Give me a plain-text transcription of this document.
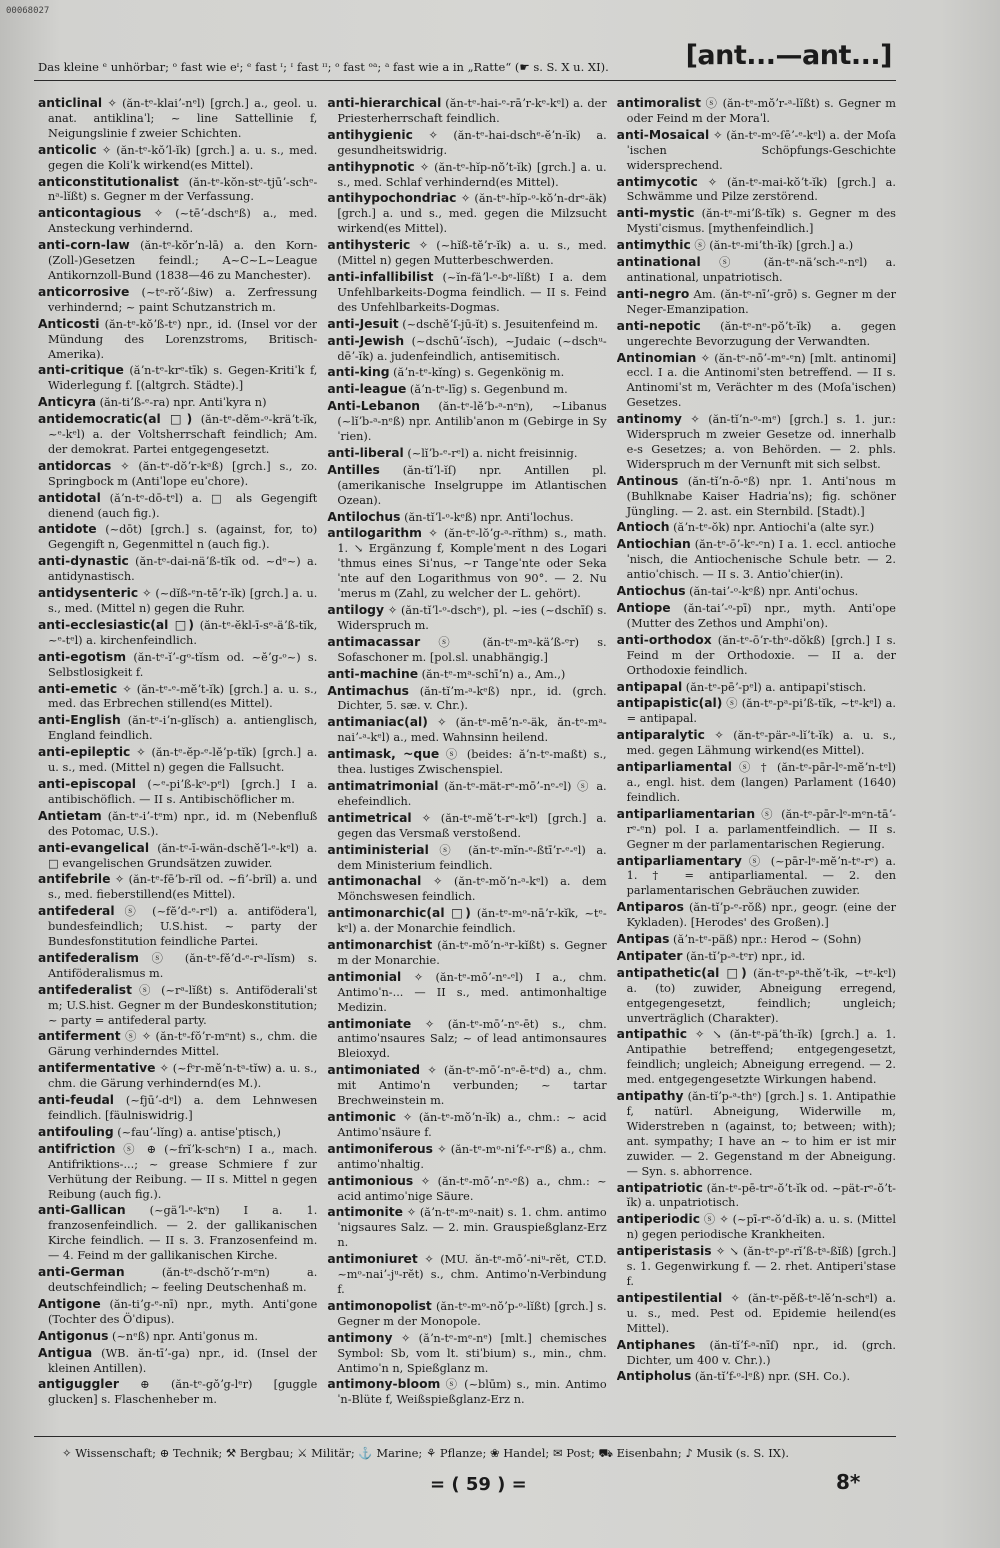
00068027
Das kleine ᵉ unhörbar; ᵒ fast wie eᶦ; ᵉ fast ᶦ; ᶦ fast ᶦᶦ; ᵒ fast ᵒᵃ; ᵃ fast wie a in „Ratte“ (☛ s. S. X u. XI).	[ant...—ant...]

anticlinal ✧ (ăn-tᵉ-klaiʼ-nᵉl) [grch.] a., geol. u. anat. antiklinaˈl; ~ line Sattellinie f, Neigungslinie f zweier Schichten.

anticolic ✧ (ăn-tᵉ-kŏʼl-ĭk) [grch.] a. u. s., med. gegen die Koliˈk wirkend(es Mittel).

anticonstitutionalist (ăn-tᵉ-kŏn-stᵉ-tjūʼ-schᵉ-nᵃ-lĭßt) s. Gegner m der Verfassung.

anticontagious ✧ (~tēʼ-dschᵉß) a., med. Ansteckung verhindernd.

anti-corn-law (ăn-tᵉ-kŏrʼn-lā) a. den Korn-(Zoll-)Gesetzen feindl.; A~C~L~League Antikornzoll-Bund (1838—46 zu Manchester).

anticorrosive (~tᵉ-rŏʼ-ßiw) a. Zerfressung verhindernd; ~ paint Schutzanstrich m.

Anticosti (ăn-tᵉ-kŏʼß-tᵉ) npr., id. (Insel vor der Mündung des Lorenzstroms, Britisch-Amerika).

anti-critique (ăʼn-tᵉ-krᵉ-tīk) s. Gegen-Kritiˈk f, Widerlegung f. [(altgrch. Städte).]

Anticyra (ăn-tiʼß-ᵉ-ra) npr. Antiˈkyra n)

antidemocratic(al □) (ăn-tᵉ-dĕm-ᵒ-kräʼt-ĭk, ~ᵉ-kᵉl) a. der Voltsherrschaft feindlich; Am. der demokrat. Partei entgegengesetzt.

antidorcas ✧ (ăn-tᵉ-dŏʼr-kᵃß) [grch.] s., zo. Springbock m (Antiˈlope euˈchore).

antidotal (ăʼn-tᵉ-dō-tᵉl) a. □ als Gegengift dienend (auch fig.).

antidote (~dōt) [grch.] s. (against, for, to) Gegengift n, Gegenmittel n (auch fig.).

anti-dynastic (ăn-tᵉ-dai-näʼß-tĭk od. ~dᵉ~) a. antidynastisch.

antidysenteric ✧ (~dĭß-ᵉn-tēʼr-ĭk) [grch.] a. u. s., med. (Mittel n) gegen die Ruhr.

anti-ecclesiastic(al □) (ăn-tᵉ-ĕkl-ī-sᵉ-äʼß-tĭk, ~ᵉ-tᵉl) a. kirchenfeindlich.

anti-egotism (ăn-tᵉ-ĭʼ-gᵒ-tĭsm od. ~ĕʼg-ᵒ~) s. Selbstlosigkeit f.

anti-emetic ✧ (ăn-tᵉ-ᵉ-mĕʼt-ĭk) [grch.] a. u. s., med. das Erbrechen stillend(es Mittel).

anti-English (ăn-tᵉ-iʼn-glĭsch) a. antienglisch, England feindlich.

anti-epileptic ✧ (ăn-tᵉ-ĕp-ᵉ-lĕʼp-tĭk) [grch.] a. u. s., med. (Mittel n) gegen die Fallsucht.

anti-episcopal (~ᵉ-piʼß-kᵒ-pᵉl) [grch.] I a. antibischöflich. — II s. Antibischöflicher m.

Antietam (ăn-tᵉ-iʼ-tᵉm) npr., id. m (Nebenfluß des Potomac, U.S.).

anti-evangelical (ăn-tᵉ-ī-wän-dschĕʼl-ᵉ-kᵉl) a. □ evangelischen Grundsätzen zuwider.

antifebrile ✧ (ăn-tᵉ-fēʼb-rĭl od. ~fiʼ-brĭl) a. und s., med. fieberstillend(es Mittel).

antifederal ⓢ (~fĕʼd-ᵉ-rᵉl) a. antiföderaˈl, bundesfeindlich; U.S.hist. ~ party der Bundesfonstitution feindliche Partei.

antifederalism ⓢ (ăn-tᵉ-fĕʼd-ᵉ-rᵃ-lĭsm) s. Antiföderalismus m.

antifederalist ⓢ (~rᵃ-lĭßt) s. Antiföderaliˈst m; U.S.hist. Gegner m der Bundeskonstitution; ~ party = antifederal party.

antiferment ⓢ ✧ (ăn-tᵉ-fŏʼr-mᵉnt) s., chm. die Gärung verhinderndes Mittel.

antifermentative ✧ (~fᵉr-mĕʼn-tᵃ-tĭw) a. u. s., chm. die Gärung verhindernd(es M.).

anti-feudal (~fjūʼ-dᵉl) a. dem Lehnwesen feindlich. [fäulniswidrig.]

antifouling (~fauʼ-lĭng) a. antiseˈptisch,)

antifriction ⓢ ⊕ (~frĭʼk-schᵉn) I a., mach. Antifriktions-...; ~ grease Schmiere f zur Verhütung der Reibung. — II s. Mittel n gegen Reibung (auch fig.).

anti-Gallican (~gäʼl-ᵉ-kᵉn) I a. 1. franzosenfeindlich. — 2. der gallikanischen Kirche feindlich. — II s. 3. Franzosenfeind m. — 4. Feind m der gallikanischen Kirche.

anti-German (ăn-tᵉ-dschŏʼr-mᵉn) a. deutschfeindlich; ~ feeling Deutschenhaß m.

Antigone (ăn-tiʼg-ᵉ-nī) npr., myth. Antiˈgone (Tochter des Öˈdipus).

Antigonus (~nᵉß) npr. Antiˈgonus m.

Antigua (WB. ăn-tīʼ-ga) npr., id. (Insel der kleinen Antillen).

antiguggler ⊕ (ăn-tᵉ-gŏʼg-lᵉr) [guggle glucken] s. Flaschenheber m.

anti-hierarchical (ăn-tᵉ-hai-ᵉ-rāʼr-kᵉ-kᵉl) a. der Priesterherrschaft feindlich.

antihygienic ✧ (ăn-tᵉ-hai-dschᵉ-ĕʼn-ĭk) a. gesundheitswidrig.

antihypnotic ✧ (ăn-tᵉ-hĭp-nŏʼt-ĭk) [grch.] a. u. s., med. Schlaf verhindernd(es Mittel).

antihypochondriac ✧ (ăn-tᵉ-hĭp-ᵒ-kŏʼn-drᵉ-äk) [grch.] a. und s., med. gegen die Milzsucht wirkend(es Mittel).

antihysteric ✧ (~hĭß-tĕʼr-ĭk) a. u. s., med. (Mittel n) gegen Mutterbeschwerden.

anti-infallibilist (~ĭn-fäʼl-ᵉ-bᵉ-lĭßt) I a. dem Unfehlbarkeits-Dogma feindlich. — II s. Feind des Unfehlbarkeits-Dogmas.

anti-Jesuit (~dschĕʼſ-jū-ĭt) s. Jesuitenfeind m.

anti-Jewish (~dschūʼ-ĭsch), ~Judaic (~dschᵘ-dēʼ-ĭk) a. judenfeindlich, antisemitisch.

anti-king (ăʼn-tᵉ-kĭng) s. Gegenkönig m.

anti-league (ăʼn-tᵉ-līg) s. Gegenbund m.

Anti-Lebanon (ăn-tᵉ-lĕʼb-ᵃ-nᵉn), ~Libanus (~lĭʼb-ᵃ-nᵉß) npr. Antilibˈanon m (Gebirge in Syˈrien).

anti-liberal (~lĭʼb-ᵉ-rᵉl) a. nicht freisinnig.

Antilles (ăn-tĭʼl-ĭſ) npr. Antillen pl. (amerikanische Inselgruppe im Atlantischen Ozean).

Antilochus (ăn-tĭʼl-ᵒ-kᵉß) npr. Antiˈlochus.

antilogarithm ✧ (ăn-tᵉ-lŏʼg-ᵃ-rĭthm) s., math. 1. ↘ Ergänzung f, Kompleˈment n des Logariˈthmus eines Siˈnus, ~r Tangeˈnte oder Sekaˈnte auf den Logarithmus von 90°. — 2. Nuˈmerus m (Zahl, zu welcher der L. gehört).

antilogy ✧ (ăn-tĭʼl-ᵒ-dschᵉ), pl. ~ies (~dschīſ) s. Widerspruch m.

antimacassar ⓢ (ăn-tᵉ-mᵃ-käʼß-ᵉr) s. Sofaschoner m. [pol.sl. unabhängig.]

anti-machine (ăn-tᵉ-mᵃ-schīʼn) a., Am.,)

Antimachus (ăn-tĭʼm-ᵃ-kᵉß) npr., id. (grch. Dichter, 5. sæ. v. Chr.).

antimaniac(al) ✧ (ăn-tᵉ-mēʼn-ᵉ-äk, ăn-tᵉ-mᵃ-naiʼ-ᵃ-kᵉl) a., med. Wahnsinn heilend.

antimask, ~que ⓢ (beides: ăʼn-tᵉ-maßt) s., thea. lustiges Zwischenspiel.

antimatrimonial (ăn-tᵉ-mät-rᵉ-mōʼ-nᵉ-ᵉl) ⓢ a. ehefeindlich.

antimetrical ✧ (ăn-tᵉ-mĕʼt-rᵉ-kᵉl) [grch.] a. gegen das Versmaß verstoßend.

antiministerial ⓢ (ăn-tᵉ-mĭn-ᵉ-ßtīʼr-ᵉ-ᵉl) a. dem Ministerium feindlich.

antimonachal ✧ (ăn-tᵉ-mŏʼn-ᵃ-kᵉl) a. dem Mönchswesen feindlich.

antimonarchic(al □) (ăn-tᵉ-mᵒ-nāʼr-kĭk, ~tᵉ-kᵉl) a. der Monarchie feindlich.

antimonarchist (ăn-tᵉ-mŏʼn-ᵃr-kĭßt) s. Gegner m der Monarchie.

antimonial ✧ (ăn-tᵉ-mōʼ-nᵉ-ᵉl) I a., chm. Antimoˈn-... — II s., med. antimonhaltige Medizin.

antimoniate ✧ (ăn-tᵉ-mōʼ-nᵉ-ēt) s., chm. antimoˈnsaures Salz; ~ of lead antimonsaures Bleioxyd.

antimoniated ✧ (ăn-tᵉ-mōʼ-nᵉ-ē-tᵉd) a., chm. mit Antimoˈn verbunden; ~ tartar Brechweinstein m.

antimonic ✧ (ăn-tᵉ-mŏʼn-ĭk) a., chm.: ~ acid Antimoˈnsäure f.

antimoniferous ✧ (ăn-tᵉ-mᵒ-niʼf-ᵉ-rᵉß) a., chm. antimoˈnhaltig.

antimonious ✧ (ăn-tᵉ-mōʼ-nᵉ-ᵉß) a., chm.: ~ acid antimoˈnige Säure.

antimonite ✧ (ăʼn-tᵉ-mᵒ-nait) s. 1. chm. antimoˈnigsaures Salz. — 2. min. Grauspießglanz-Erz n.

antimoniuret ✧ (MU. ăn-tᵉ-mōʼ-niᵘ-rĕt, CT.D. ~mᵒ-naiʼ-jᵘ-rĕt) s., chm. Antimoˈn-Verbindung f.

antimonopolist (ăn-tᵉ-mᵒ-nŏʼp-ᵒ-lĭßt) [grch.] s. Gegner m der Monopole.

antimony ✧ (ăʼn-tᵉ-mᵉ-nᵉ) [mlt.] chemisches Symbol: Sb, vom lt. stiˈbium) s., min., chm. Antimoˈn n, Spießglanz m.

antimony-bloom ⓢ (~blūm) s., min. Antimoˈn-Blüte f, Weißspießglanz-Erz n.

antimoralist ⓢ (ăn-tᵉ-mŏʼr-ᵃ-lĭßt) s. Gegner m oder Feind m der Moraˈl.

anti-Mosaical ✧ (ăn-tᵉ-mᵒ-ſēʼ-ᵉ-kᵉl) a. der Moſaˈischen Schöpfungs-Geschichte widersprechend.

antimycotic ✧ (ăn-tᵉ-mai-kŏʼt-ĭk) [grch.] a. Schwämme und Pilze zerstörend.

anti-mystic (ăn-tᵉ-miʼß-tĭk) s. Gegner m des Mystiˈcismus. [mythenfeindlich.]

antimythic ⓢ (ăn-tᵉ-miʼth-ĭk) [grch.] a.)

antinational ⓢ (ăn-tᵉ-näʼsch-ᵉ-nᵉl) a. antinational, unpatriotisch.

anti-negro Am. (ăn-tᵉ-nīʼ-grō) s. Gegner m der Neger-Emanzipation.

anti-nepotic (ăn-tᵉ-nᵉ-pŏʼt-ĭk) a. gegen ungerechte Bevorzugung der Verwandten.

Antinomian ✧ (ăn-tᵉ-nōʼ-mᵉ-ᵉn) [mlt. antinomi] eccl. I a. die Antinomiˈsten betreffend. — II s. Antinomiˈst m, Verächter m des (Moſaˈischen) Gesetzes.

antinomy ✧ (ăn-tĭʼn-ᵒ-mᵉ) [grch.] s. 1. jur.: Widerspruch m zweier Gesetze od. innerhalb e-s Gesetzes; a. von Behörden. — 2. phls. Widerspruch m der Vernunft mit sich selbst.

Antinous (ăn-tĭʼn-ō-ᵉß) npr. 1. Antiˈnous m (Buhlknabe Kaiser Hadriaˈns); fig. schöner Jüngling. — 2. ast. ein Sternbild. [Stadt).]

Antioch (ăʼn-tᵉ-ŏk) npr. Antiochiˈa (alte syr.)

Antiochian (ăn-tᵉ-ōʼ-kᵉ-ᵉn) I a. 1. eccl. antiocheˈnisch, die Antiochenische Schule betr. — 2. antioˈchisch. — II s. 3. Antioˈchier(in).

Antiochus (ăn-taiʼ-ᵒ-kᵉß) npr. Antiˈochus.

Antiope (ăn-taiʼ-ᵒ-pī) npr., myth. Antiˈope (Mutter des Zethos und Amphiˈon).

anti-orthodox (ăn-tᵉ-ōʼr-thᵒ-dŏkß) [grch.] I s. Feind m der Orthodoxie. — II a. der Orthodoxie feindlich.

antipapal (ăn-tᵉ-pēʼ-pᵉl) a. antipapiˈstisch.

antipapistic(al) ⓢ (ăn-tᵉ-pᵃ-piʼß-tĭk, ~tᵉ-kᵉl) a. = antipapal.

antiparalytic ✧ (ăn-tᵉ-pär-ᵃ-lĭʼt-ĭk) a. u. s., med. gegen Lähmung wirkend(es Mittel).

antiparliamental ⓢ † (ăn-tᵉ-pār-lᵉ-mĕʼn-tᵉl) a., engl. hist. dem (langen) Parlament (1640) feindlich.

antiparliamentarian ⓢ (ăn-tᵉ-pār-lᵉ-mᵉn-tāʼ-rᵉ-ᵉn) pol. I a. parlamentfeindlich. — II s. Gegner m der parlamentarischen Regierung.

antiparliamentary ⓢ (~pār-lᵉ-mĕʼn-tᵉ-rᵉ) a. 1. † = antiparliamental. — 2. den parlamentarischen Gebräuchen zuwider.

Antiparos (ăn-tĭʼp-ᵉ-rŏß) npr., geogr. (eine der Kykladen). [Herodes' des Großen).]

Antipas (ăʼn-tᵉ-päß) npr.: Herod ~ (Sohn)

Antipater (ăn-tĭʼp-ᵃ-tᵉr) npr., id.

antipathetic(al □) (ăn-tᵉ-pᵃ-thĕʼt-ĭk, ~tᵉ-kᵉl) a. (to) zuwider, Abneigung erregend, entgegengesetzt, feindlich; ungleich; unverträglich (Charakter).

antipathic ✧ ↘ (ăn-tᵉ-päʼth-ĭk) [grch.] a. 1. Antipathie betreffend; entgegengesetzt, feindlich; ungleich; Abneigung erregend. — 2. med. entgegengesetzte Wirkungen habend.

antipathy (ăn-tĭʼp-ᵃ-thᵉ) [grch.] s. 1. Antipathie f, natürl. Abneigung, Widerwille m, Widerstreben n (against, to; between; with); ant. sympathy; I have an ~ to him er ist mir zuwider. — 2. Gegenstand m der Abneigung. — Syn. s. abhorrence.

antipatriotic (ăn-tᵉ-pē-trᵉ-ŏʼt-ĭk od. ~pät-rᵉ-ŏʼt-ĭk) a. unpatriotisch.

antiperiodic ⓢ ✧ (~pī-rᵉ-ŏʼd-ĭk) a. u. s. (Mittel n) gegen periodische Krankheiten.

antiperistasis ✧ ↘ (ăn-tᵉ-pᵉ-rĭʼß-tᵃ-ßĭß) [grch.] s. 1. Gegenwirkung f. — 2. rhet. Antiperiˈstase f.

antipestilential ✧ (ăn-tᵉ-pĕß-tᵉ-lĕʼn-schᵉl) a. u. s., med. Pest od. Epidemie heilend(es Mittel).

Antiphanes (ăn-tĭʼf-ᵃ-nīſ) npr., id. (grch. Dichter, um 400 v. Chr.).)

Antipholus (ăn-tĭʼf-ᵒ-lᵉß) npr. (SH. Co.).

✧ Wissenschaft; ⊕ Technik; ⚒ Bergbau; ⚔ Militär; ⚓ Marine; ⚘ Pflanze; ❀ Handel; ✉ Post; ⛟ Eisenbahn; ♪ Musik (s. S. IX).
= ( 59 ) =	8*
